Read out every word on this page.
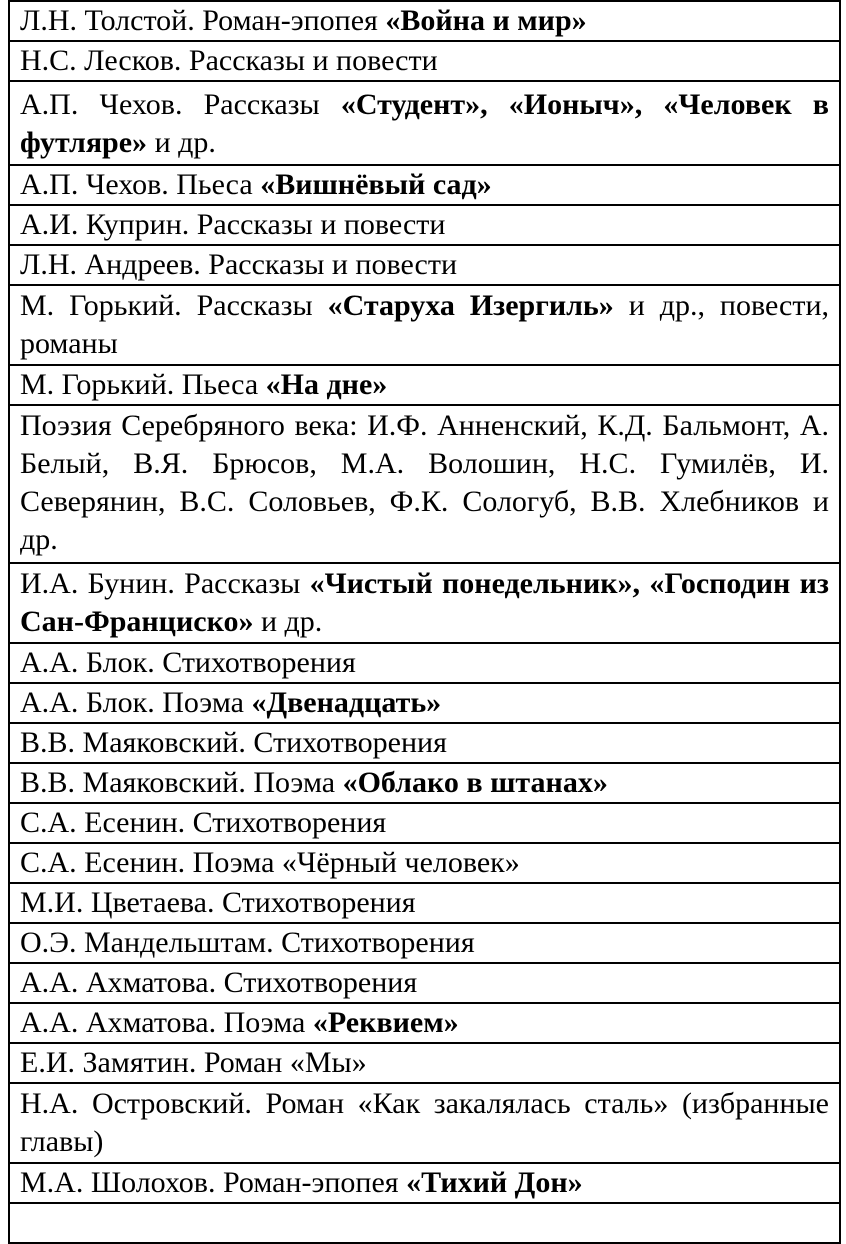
Л.Н. Толстой. Роман-эпопея «Война и мир»
Н.С. Лесков. Рассказы и повести
А.П. Чехов. Рассказы «Студент», «Ионыч», «Человек в футляре» и др.
А.П. Чехов. Пьеса «Вишнёвый сад»
А.И. Куприн. Рассказы и повести
Л.Н. Андреев. Рассказы и повести
М. Горький. Рассказы «Старуха Изергиль» и др., повести, романы
М. Горький. Пьеса «На дне»
Поэзия Серебряного века: И.Ф. Анненский, К.Д. Бальмонт, А. Белый, В.Я. Брюсов, М.А. Волошин, Н.С. Гумилёв, И. Северянин, В.С. Соловьев, Ф.К. Сологуб, В.В. Хлебников и др.
И.А. Бунин. Рассказы «Чистый понедельник», «Господин из Сан-Франциско» и др.
А.А. Блок. Стихотворения
А.А. Блок. Поэма «Двенадцать»
В.В. Маяковский. Стихотворения
В.В. Маяковский. Поэма «Облако в штанах»
С.А. Есенин. Стихотворения
С.А. Есенин. Поэма «Чёрный человек»
М.И. Цветаева. Стихотворения
О.Э. Мандельштам. Стихотворения
А.А. Ахматова. Стихотворения
А.А. Ахматова. Поэма «Реквием»
Е.И. Замятин. Роман «Мы»
Н.А. Островский. Роман «Как закалялась сталь» (избранные главы)
М.А. Шолохов. Роман-эпопея «Тихий Дон»
